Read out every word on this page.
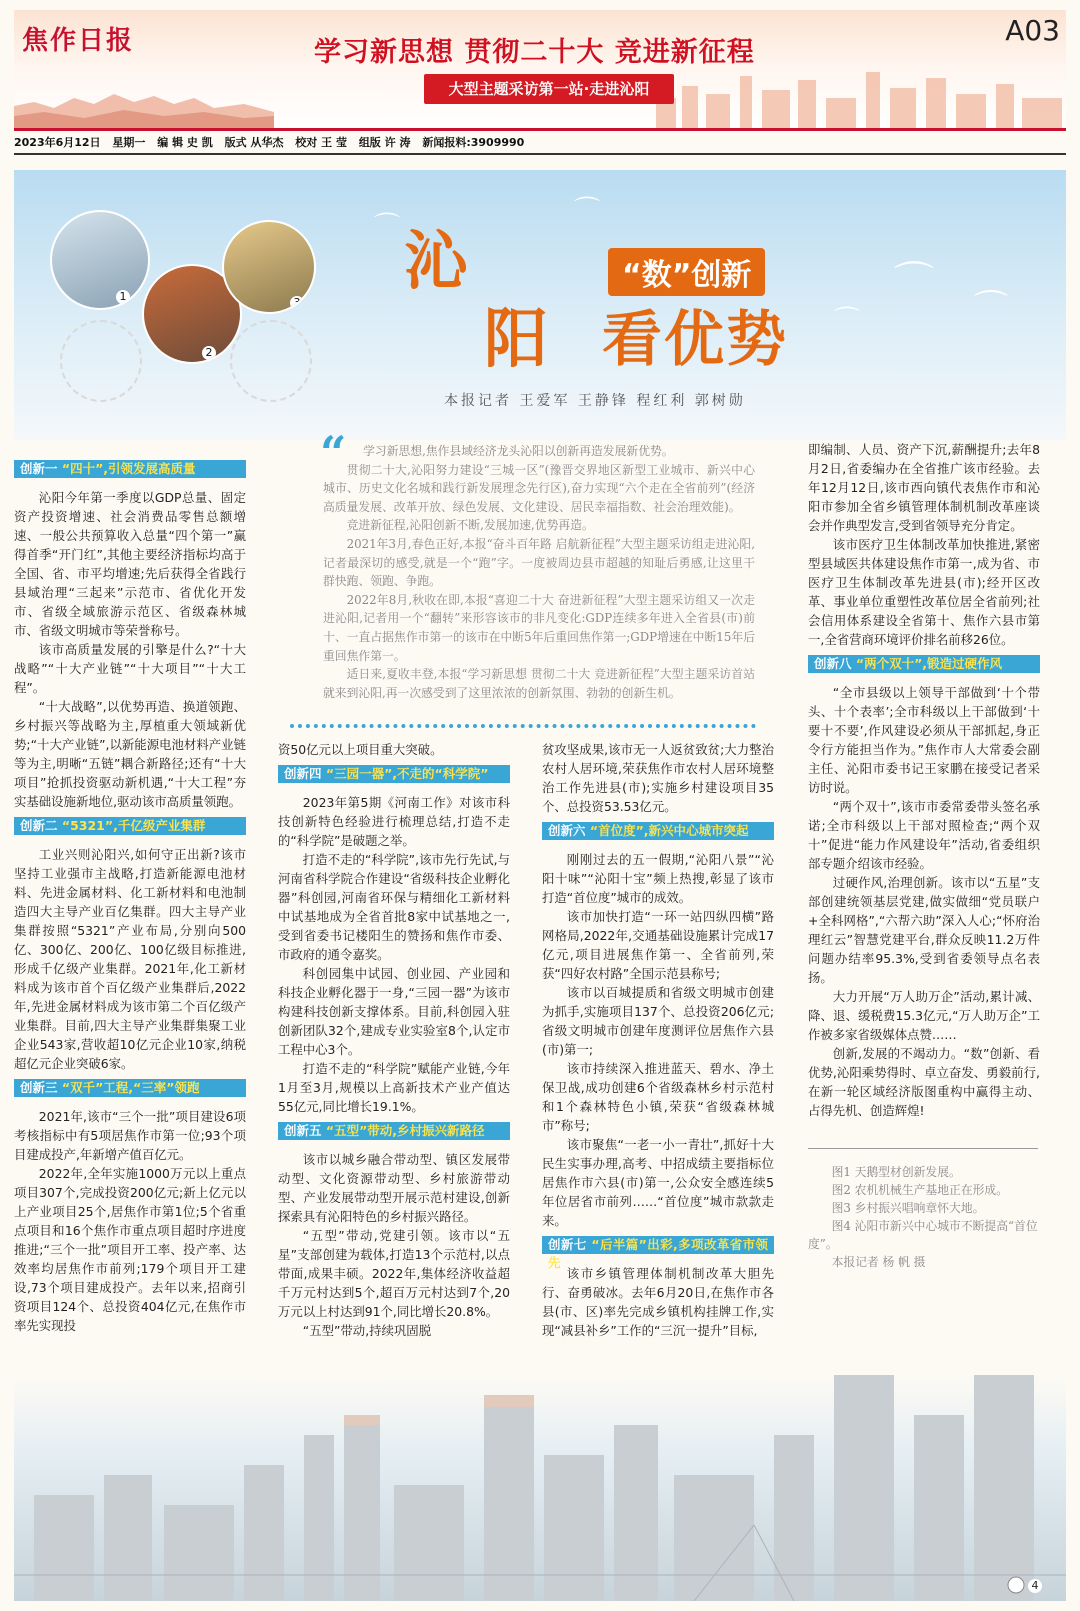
焦作日报	学习新思想 贯彻二十大 竞进新征程
大型主题采访第一站·走进沁阳
A03
2023年6月12日 星期一 编 辑 史 凯 版式 从华杰 校对 王 莹 组版 许 涛 新闻报料:3909990
1
2
3
⌒
⌒
⌒
⌒
⌒
沁
阳
“数”创新
看优势
本报记者 王爱军 王静锋 程红利 郭树勋
创新一 “四十”,引领发展高质量

沁阳今年第一季度以GDP总量、固定资产投资增速、社会消费品零售总额增速、一般公共预算收入总量“四个第一”赢得首季“开门红”,其他主要经济指标均高于全国、省、市平均增速;先后获得全省践行县域治理“三起来”示范市、省优化开发市、省级全域旅游示范区、省级森林城市、省级文明城市等荣誉称号。

该市高质量发展的引擎是什么?“十大战略”“十大产业链”“十大项目”“十大工程”。

“十大战略”,以优势再造、换道领跑、乡村振兴等战略为主,厚植重大领域新优势;“十大产业链”,以新能源电池材料产业链等为主,明晰“五链”耦合新路径;还有“十大项目”抢抓投资驱动新机遇,“十大工程”夯实基础设施新地位,驱动该市高质量领跑。

创新二 “5321”,千亿级产业集群

工业兴则沁阳兴,如何守正出新?该市坚持工业强市主战略,打造新能源电池材料、先进金属材料、化工新材料和电池制造四大主导产业百亿集群。四大主导产业集群按照“5321”产业布局,分别向500亿、300亿、200亿、100亿级目标推进,形成千亿级产业集群。2021年,化工新材料成为该市首个百亿级产业集群后,2022年,先进金属材料成为该市第二个百亿级产业集群。目前,四大主导产业集群集聚工业企业543家,营收超10亿元企业10家,纳税超亿元企业突破6家。

创新三 “双千”工程,“三率”领跑

2021年,该市“三个一批”项目建设6项考核指标中有5项居焦作市第一位;93个项目建成投产,年新增产值百亿元。

2022年,全年实施1000万元以上重点项目307个,完成投资200亿元;新上亿元以上产业项目25个,居焦作市第1位;5个省重点项目和16个焦作市重点项目超时序进度推进;“三个一批”项目开工率、投产率、达效率均居焦作市前列;179个项目开工建设,73个项目建成投产。去年以来,招商引资项目124个、总投资404亿元,在焦作市率先实现投

“	学习新思想,焦作县域经济龙头沁阳以创新再造发展新优势。

贯彻二十大,沁阳努力建设“三城一区”(豫晋交界地区新型工业城市、新兴中心城市、历史文化名城和践行新发展理念先行区),奋力实现“六个走在全省前列”(经济高质量发展、改革开放、绿色发展、文化建设、居民幸福指数、社会治理效能)。

竞进新征程,沁阳创新不断,发展加速,优势再造。

2021年3月,春色正好,本报“奋斗百年路 启航新征程”大型主题采访组走进沁阳,记者最深切的感受,就是一个“跑”字。一度被周边县市超越的知耻后勇感,让这里干群快跑、领跑、争跑。

2022年8月,秋收在即,本报“喜迎二十大 奋进新征程”大型主题采访组又一次走进沁阳,记者用一个“翻转”来形容该市的非凡变化:GDP连续多年进入全省县(市)前十、一直占据焦作市第一的该市在中断5年后重回焦作第一;GDP增速在中断15年后重回焦作第一。

适日来,夏收丰登,本报“学习新思想 贯彻二十大 竞进新征程”大型主题采访首站就来到沁阳,再一次感受到了这里浓浓的创新氛围、勃勃的创新生机。

资50亿元以上项目重大突破。

创新四 “三园一器”,不走的“科学院”

2023年第5期《河南工作》对该市科技创新特色经验进行梳理总结,打造不走的“科学院”是破题之举。

打造不走的“科学院”,该市先行先试,与河南省科学院合作建设“省级科技企业孵化器”科创园,河南省环保与精细化工新材料中试基地成为全省首批8家中试基地之一,受到省委书记楼阳生的赞扬和焦作市委、市政府的通令嘉奖。

科创园集中试园、创业园、产业园和科技企业孵化器于一身,“三园一器”为该市构建科技创新支撑体系。目前,科创园入驻创新团队32个,建成专业实验室8个,认定市工程中心3个。

打造不走的“科学院”赋能产业链,今年1月至3月,规模以上高新技术产业产值达55亿元,同比增长19.1%。

创新五 “五型”带动,乡村振兴新路径

该市以城乡融合带动型、镇区发展带动型、文化资源带动型、乡村旅游带动型、产业发展带动型开展示范村建设,创新探索具有沁阳特色的乡村振兴路径。

“五型”带动,党建引领。该市以“五星”支部创建为载体,打造13个示范村,以点带面,成果丰硕。2022年,集体经济收益超千万元村达到5个,超百万元村达到7个,20万元以上村达到91个,同比增长20.8%。

“五型”带动,持续巩固脱

贫攻坚成果,该市无一人返贫致贫;大力整治农村人居环境,荣获焦作市农村人居环境整治工作先进县(市);实施乡村建设项目35个、总投资53.53亿元。

创新六 “首位度”,新兴中心城市突起

刚刚过去的五一假期,“沁阳八景”“沁阳十味”“沁阳十宝”频上热搜,彰显了该市打造“首位度”城市的成效。

该市加快打造“一环一站四纵四横”路网格局,2022年,交通基础设施累计完成17亿元,项目进展焦作第一、全省前列,荣获“四好农村路”全国示范县称号;

该市以百城提质和省级文明城市创建为抓手,实施项目137个、总投资206亿元;省级文明城市创建年度测评位居焦作六县(市)第一;

该市持续深入推进蓝天、碧水、净土保卫战,成功创建6个省级森林乡村示范村和1个森林特色小镇,荣获“省级森林城市”称号;

该市聚焦“一老一小一青壮”,抓好十大民生实事办理,高考、中招成绩主要指标位居焦作市六县(市)第一,公众安全感连续5年位居省市前列……“首位度”城市款款走来。

创新七 “后半篇”出彩,多项改革省市领先

该市乡镇管理体制机制改革大胆先行、奋勇破冰。去年6月20日,在焦作市各县(市、区)率先完成乡镇机构挂牌工作,实现“减县补乡”工作的“三沉一提升”目标,

即编制、人员、资产下沉,薪酬提升;去年8月2日,省委编办在全省推广该市经验。去年12月12日,该市西向镇代表焦作市和沁阳市参加全省乡镇管理体制机制改革座谈会并作典型发言,受到省领导充分肯定。

该市医疗卫生体制改革加快推进,紧密型县域医共体建设焦作市第一,成为省、市医疗卫生体制改革先进县(市);经开区改革、事业单位重塑性改革位居全省前列;社会信用体系建设全省第十、焦作六县市第一,全省营商环境评价排名前移26位。

创新八 “两个双十”,锻造过硬作风

“全市县级以上领导干部做到‘十个带头、十个表率’;全市科级以上干部做到‘十要十不要’,作风建设必须从干部抓起,身正令行方能担当作为。”焦作市人大常委会副主任、沁阳市委书记王家鹏在接受记者采访时说。

“两个双十”,该市市委常委带头签名承诺;全市科级以上干部对照检查;“两个双十”促进“能力作风建设年”活动,省委组织部专题介绍该市经验。

过硬作风,治理创新。该市以“五星”支部创建统领基层党建,做实做细“党员联户+全科网格”,“六帮六助”深入人心;“怀府治理红云”智慧党建平台,群众反映11.2万件问题办结率95.3%,受到省委领导点名表扬。

大力开展“万人助万企”活动,累计减、降、退、缓税费15.3亿元,“万人助万企”工作被多家省级媒体点赞……

创新,发展的不竭动力。“数”创新、看优势,沁阳乘势得时、卓立奋发、勇毅前行,在新一轮区域经济版图重构中赢得主动、占得先机、创造辉煌!

图1 天鹅型材创新发展。

图2 农机机械生产基地正在形成。

图3 乡村振兴唱响章怀大地。

图4 沁阳市新兴中心城市不断提高“首位度”。

本报记者 杨 帆 摄

4
